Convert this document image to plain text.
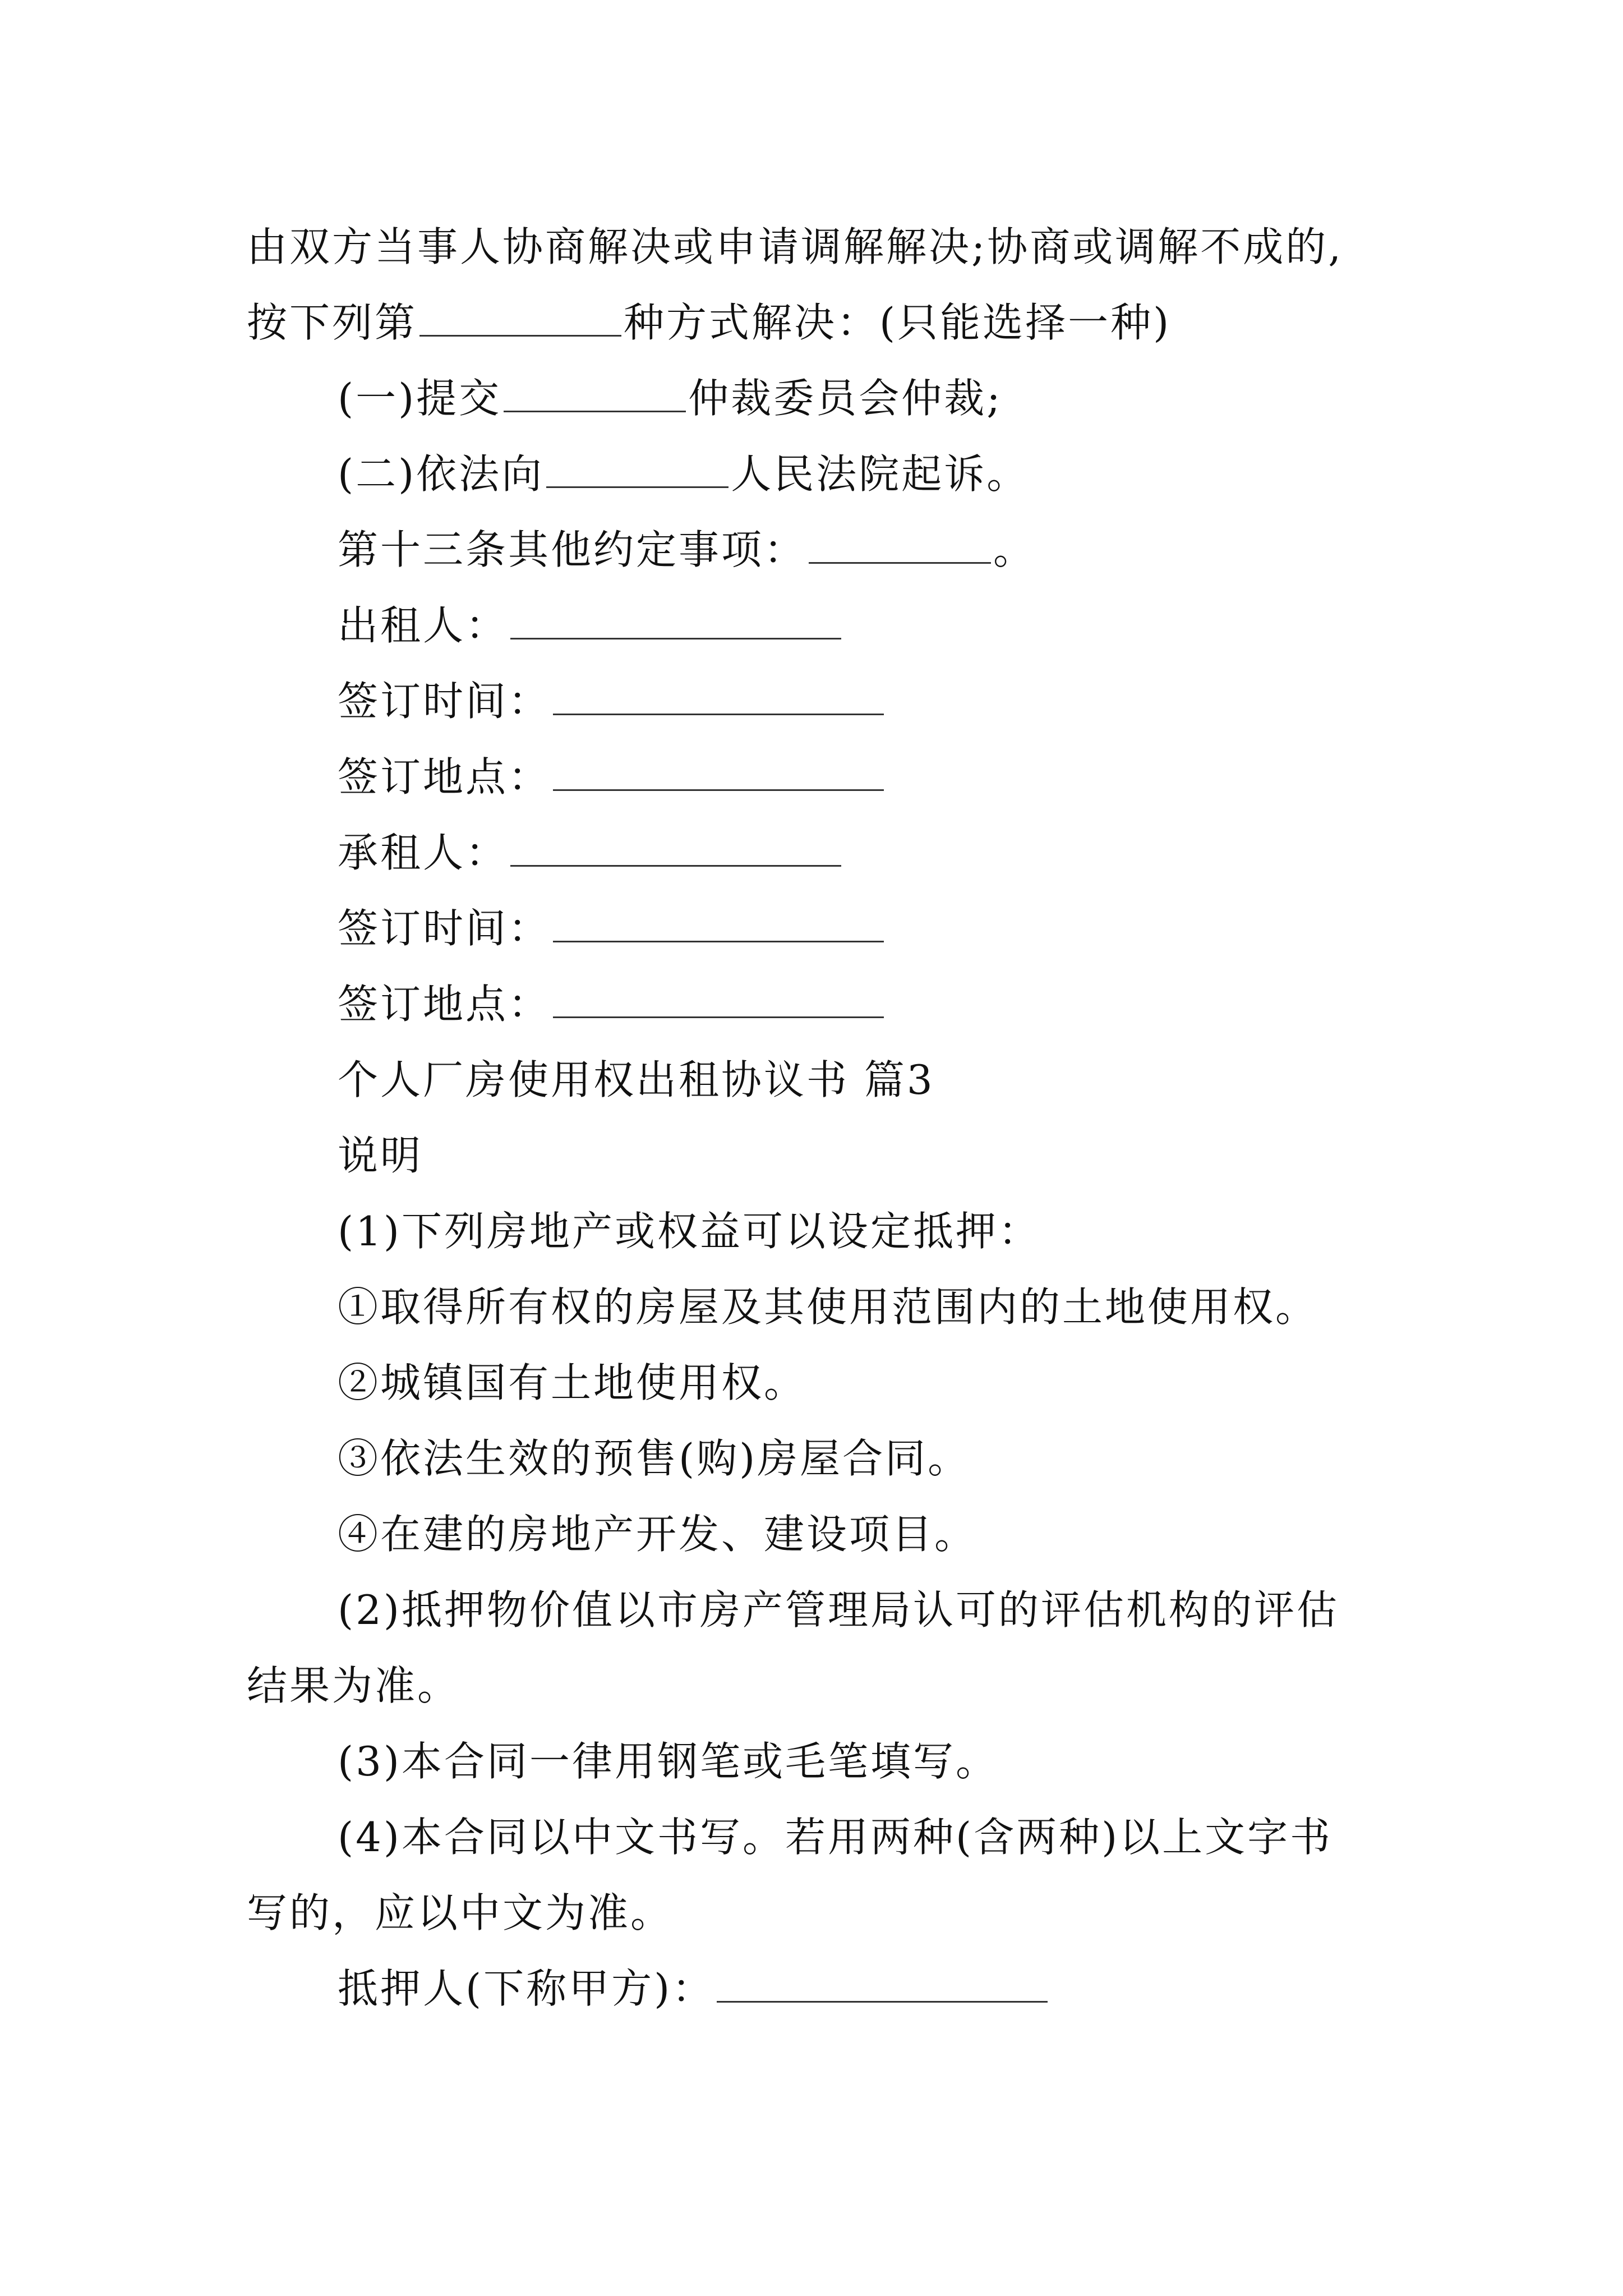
由双方当事人协商解决或申请调解解决;协商或调解不成的,
按下列第	种方式解决：(只能选择一种)
(一)提交	仲裁委员会仲裁;
(二)依法向	人民法院起诉。
第十三条其他约定事项：	。
出租人：
签订时间：
签订地点：
承租人：
签订时间：
签订地点：
个人厂房使用权出租协议书 篇3
说明
(1)下列房地产或权益可以设定抵押：
①取得所有权的房屋及其使用范围内的土地使用权。
②城镇国有土地使用权。
③依法生效的预售(购)房屋合同。
④在建的房地产开发、建设项目。
(2)抵押物价值以市房产管理局认可的评估机构的评估
结果为准。
(3)本合同一律用钢笔或毛笔填写。
(4)本合同以中文书写。若用两种(含两种)以上文字书
写的，应以中文为准。
抵押人(下称甲方)：
